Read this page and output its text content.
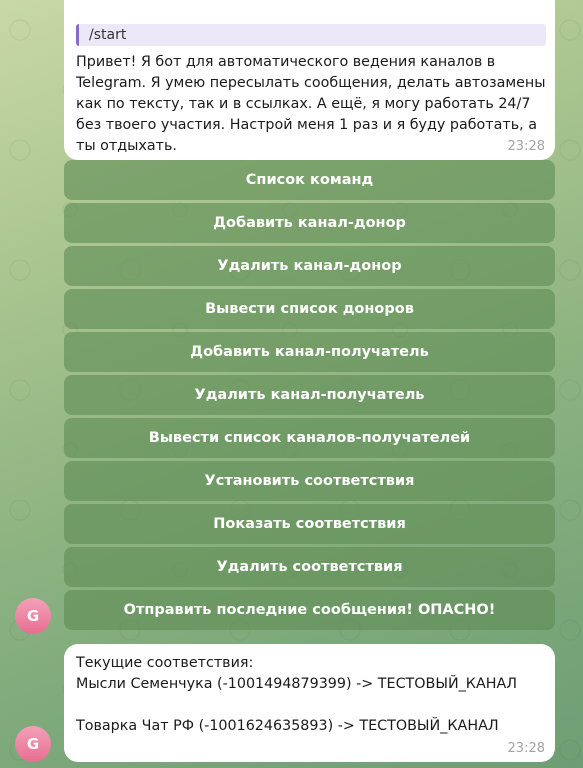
/start
Привет! Я бот для автоматического ведения каналов в Telegram. Я умею пересылать сообщения, делать автозамены как по тексту, так и в ссылках. А ещё, я могу работать 24/7 без твоего участия. Настрой меня 1 раз и я буду работать, а ты отдыхать.	23:28
Список команд
Добавить канал-донор
Удалить канал-донор
Вывести список доноров
Добавить канал-получатель
Удалить канал-получатель
Вывести список каналов-получателей
Установить соответствия
Показать соответствия
Удалить соответствия
Отправить последние сообщения! ОПАСНО!
G
Текущие соответствия:
Мысли Семенчука (-1001494879399) -> ТЕСТОВЫЙ_КАНАЛ
Товарка Чат РФ (-1001624635893) -> ТЕСТОВЫЙ_КАНАЛ
23:28
G
